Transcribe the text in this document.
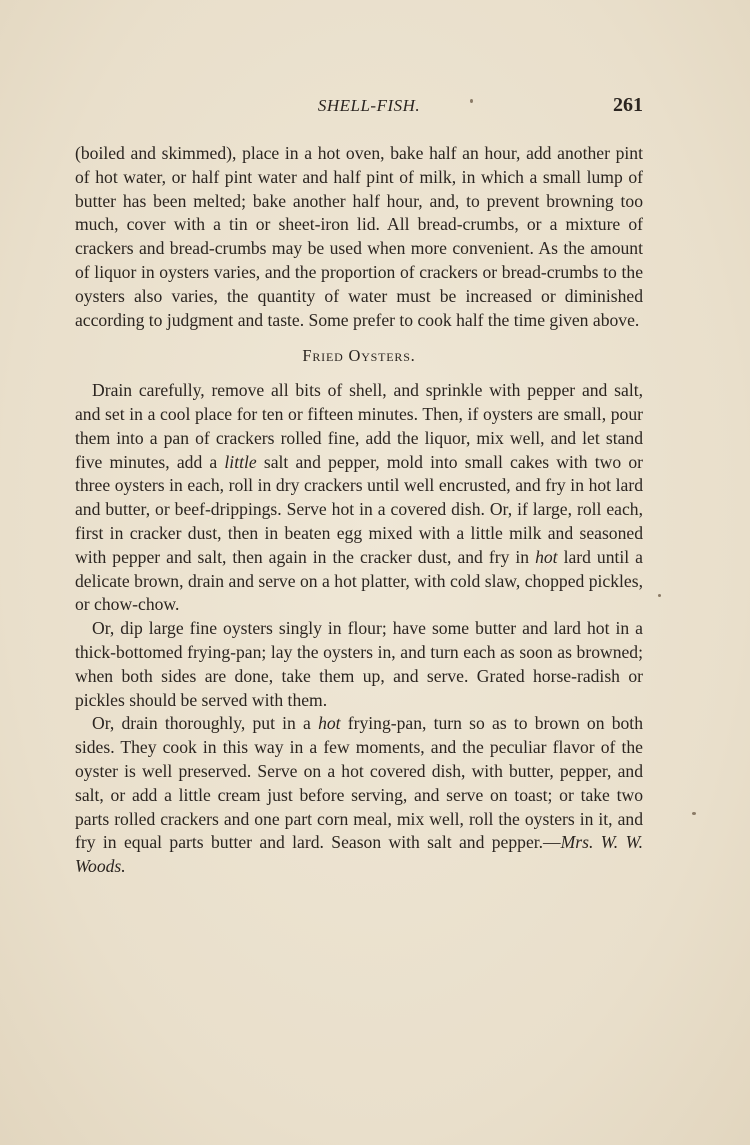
SHELL-FISH.	261

(boiled and skimmed), place in a hot oven, bake half an hour, add another pint of hot water, or half pint water and half pint of milk, in which a small lump of butter has been melted; bake another half hour, and, to prevent browning too much, cover with a tin or sheet-iron lid. All bread-crumbs, or a mixture of crackers and bread-crumbs may be used when more convenient. As the amount of liquor in oysters varies, and the proportion of crackers or bread-crumbs to the oysters also varies, the quantity of water must be increased or diminished according to judgment and taste. Some prefer to cook half the time given above.

Fried Oysters.

Drain carefully, remove all bits of shell, and sprinkle with pepper and salt, and set in a cool place for ten or fifteen minutes. Then, if oysters are small, pour them into a pan of crackers rolled fine, add the liquor, mix well, and let stand five minutes, add a little salt and pepper, mold into small cakes with two or three oysters in each, roll in dry crackers until well encrusted, and fry in hot lard and butter, or beef-drippings. Serve hot in a covered dish. Or, if large, roll each, first in cracker dust, then in beaten egg mixed with a little milk and seasoned with pepper and salt, then again in the cracker dust, and fry in hot lard until a delicate brown, drain and serve on a hot platter, with cold slaw, chopped pickles, or chow-chow.

Or, dip large fine oysters singly in flour; have some butter and lard hot in a thick-bottomed frying-pan; lay the oysters in, and turn each as soon as browned; when both sides are done, take them up, and serve. Grated horse-radish or pickles should be served with them.

Or, drain thoroughly, put in a hot frying-pan, turn so as to brown on both sides. They cook in this way in a few moments, and the peculiar flavor of the oyster is well preserved. Serve on a hot covered dish, with butter, pepper, and salt, or add a little cream just before serving, and serve on toast; or take two parts rolled crackers and one part corn meal, mix well, roll the oysters in it, and fry in equal parts butter and lard. Season with salt and pepper.—Mrs. W. W. Woods.
